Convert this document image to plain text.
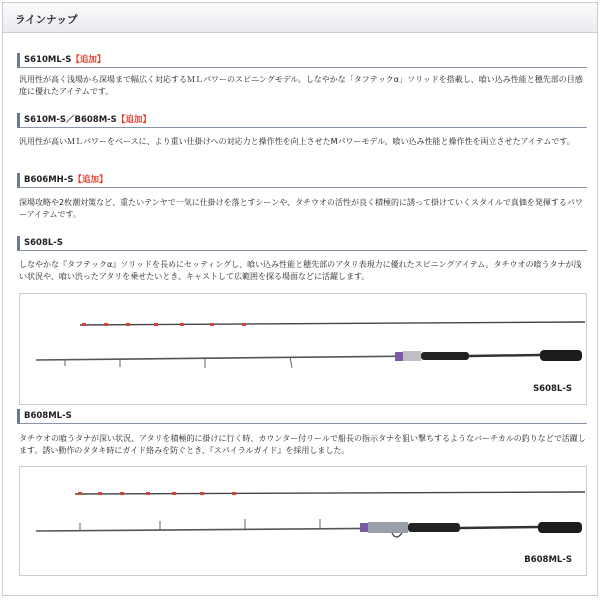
ラインナップ
S610ML-S【追加】
汎用性が高く浅場から深場まで幅広く対応するＭＬパワーのスピニングモデル。しなやかな「タフテックα」ソリッドを搭載し、喰い込み性能と穂先部の目感度に優れたアイテムです。
S610M-S／B608M-S【追加】
汎用性が高いＭＬパワーをベースに、より重い仕掛けへの対応力と操作性を向上させたMパワーモデル。喰い込み性能と操作性を両立させたアイテムです。
B606MH-S【追加】
深場攻略や2枚潮対策など、重たいテンヤで一気に仕掛けを落とすシーンや、タチウオの活性が良く積極的に誘って掛けていくスタイルで真価を発揮するパワーアイテムです。
S608L-S
しなやかな『タフテックα』ソリッドを長めにセッティングし、喰い込み性能と穂先部のアタリ表現力に優れたスピニングアイテム。タチウオの喰うタナが浅い状況や、喰い渋ったアタリを乗せたいとき、キャストして広範囲を探る場面などに活躍します。
S608L-S
B608ML-S
タチウオの喰うタナが深い状況、アタリを積極的に掛けに行く時、カウンター付リールで船長の指示タナを狙い撃ちするようなバーチカルの釣りなどで活躍します。誘い動作のタタキ時にガイド絡みを防ぐとき、『スパイラルガイド』を採用しました。
B608ML-S
